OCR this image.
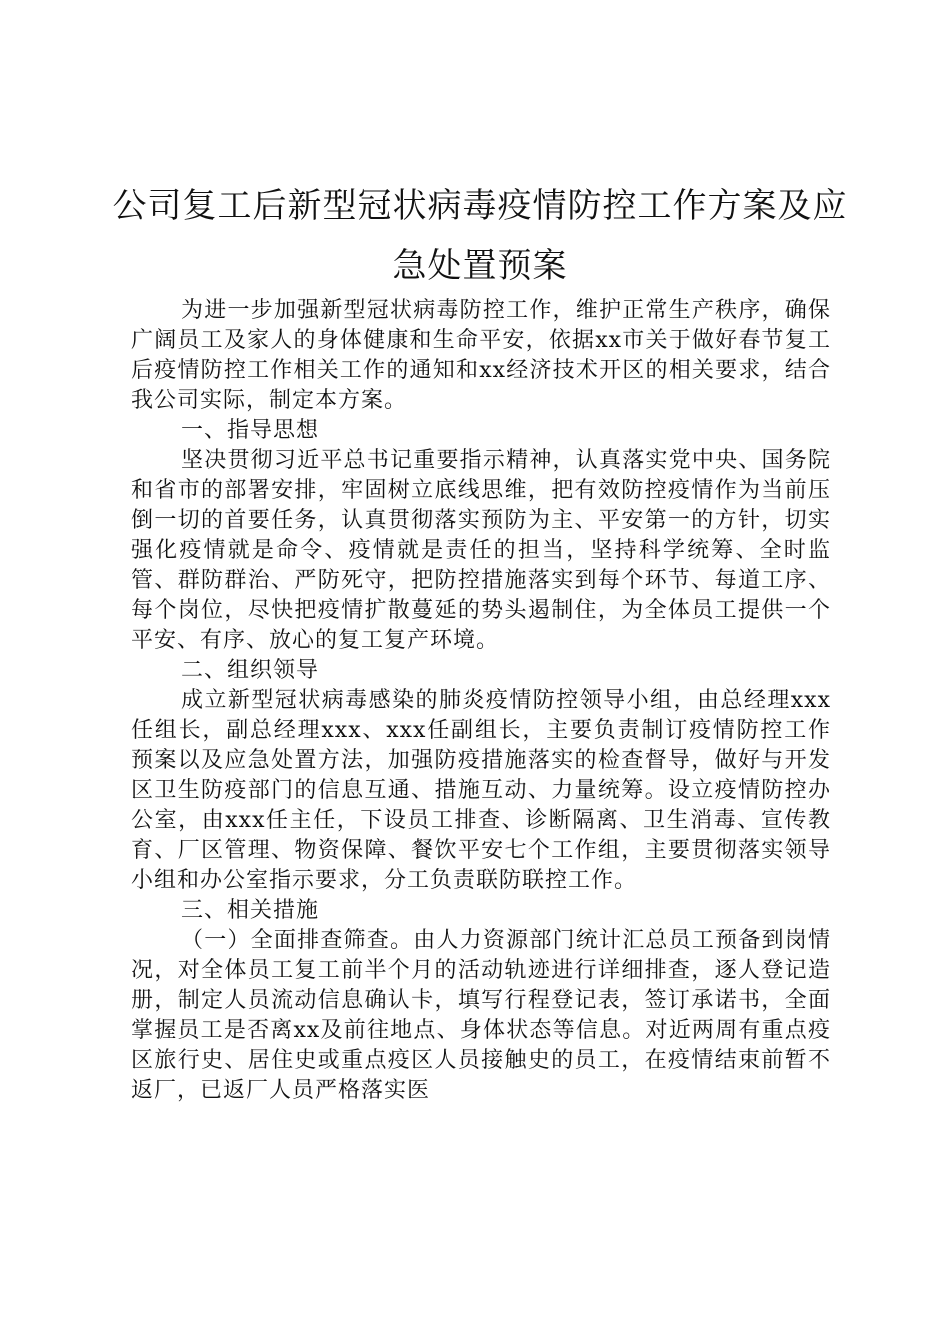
公司复工后新型冠状病毒疫情防控工作方案及应急处置预案

为进一步加强新型冠状病毒防控工作，维护正常生产秩序，确保广阔员工及家人的身体健康和生命平安，依据xx市关于做好春节复工后疫情防控工作相关工作的通知和xx经济技术开区的相关要求，结合我公司实际，制定本方案。

一、指导思想

坚决贯彻习近平总书记重要指示精神，认真落实党中央、国务院和省市的部署安排，牢固树立底线思维，把有效防控疫情作为当前压倒一切的首要任务，认真贯彻落实预防为主、平安第一的方针，切实强化疫情就是命令、疫情就是责任的担当，坚持科学统筹、全时监管、群防群治、严防死守，把防控措施落实到每个环节、每道工序、每个岗位，尽快把疫情扩散蔓延的势头遏制住，为全体员工提供一个平安、有序、放心的复工复产环境。

二、组织领导

成立新型冠状病毒感染的肺炎疫情防控领导小组，由总经理xxx任组长，副总经理xxx、xxx任副组长，主要负责制订疫情防控工作预案以及应急处置方法，加强防疫措施落实的检查督导，做好与开发区卫生防疫部门的信息互通、措施互动、力量统筹。设立疫情防控办公室，由xxx任主任，下设员工排查、诊断隔离、卫生消毒、宣传教育、厂区管理、物资保障、餐饮平安七个工作组，主要贯彻落实领导小组和办公室指示要求，分工负责联防联控工作。

三、相关措施

（一）全面排查筛查。由人力资源部门统计汇总员工预备到岗情况，对全体员工复工前半个月的活动轨迹进行详细排查，逐人登记造册，制定人员流动信息确认卡，填写行程登记表，签订承诺书，全面掌握员工是否离xx及前往地点、身体状态等信息。对近两周有重点疫区旅行史、居住史或重点疫区人员接触史的员工，在疫情结束前暂不返厂，已返厂人员严格落实医
